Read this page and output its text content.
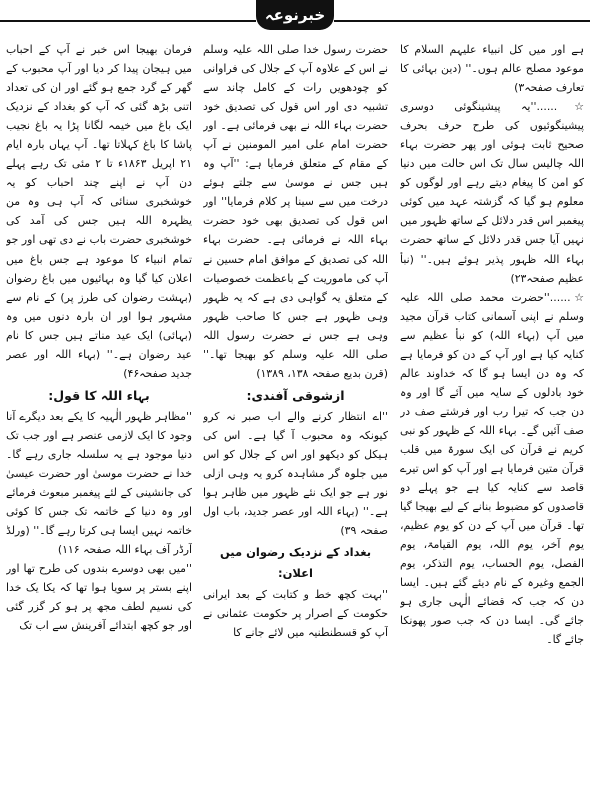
خبرنوعہ

ہے اور میں کل انبیاء علیہم السلام کا موعود مصلح عالم ہوں۔'' (دین بہائی کا تعارف صفحہ۳)

☆......''یہ پیشینگوئی دوسری پیشینگوئیوں کی طرح حرف بحرف صحیح ثابت ہوئی اور پھر حضرت بہاء اللہ چالیس سال تک اس حالت میں دنیا کو امن کا پیغام دیتے رہے اور لوگوں کو معلوم ہو گیا کہ گزشتہ عہد میں کوئی پیغمبر اس قدر دلائل کے ساتھ ظہور میں نہیں آیا جس قدر دلائل کے ساتھ حضرت بہاء اللہ ظہور پذیر ہوئے ہیں۔'' (نبأ عظیم صفحہ۲۳)

☆......''حضرت محمد صلی اللہ علیہ وسلم نے اپنی آسمانی کتاب قرآن مجید میں آپ (بہاء اللہ) کو نبأ عظیم سے کنایہ کیا ہے اور آپ کے دن کو فرمایا ہے کہ وہ دن ایسا ہو گا کہ خداوند عالم خود بادلوں کے سایہ میں آئے گا اور وہ دن جب کہ تیرا رب اور فرشتے صف در صف آئیں گے۔ بہاء اللہ کے ظہور کو نبی کریم نے قرآن کی ایک سورۃ میں قلب قرآن متین فرمایا ہے اور آپ کو اس تیرے قاصد سے کنایہ کیا ہے جو پہلے دو قاصدوں کو مضبوط بنانے کے لیے بھیجا گیا تھا۔ قرآن میں آپ کے دن کو یوم عظیم، یوم آخر، یوم اللہ، یوم القیامۃ، یوم الفصل، یوم الحساب، یوم التذکر، یوم الجمع وغیرہ کے نام دیئے گئے ہیں۔ ایسا دن کہ جب کہ قضائے الٰہی جاری ہو جائے گی۔ ایسا دن کہ جب صور پھونکا جائے گا۔

حضرت رسول خدا صلی اللہ علیہ وسلم نے اس کے علاوہ آپ کے جلال کی فراوانی کو چودھویں رات کے کامل چاند سے تشبیہ دی اور اس قول کی تصدیق خود حضرت بہاء اللہ نے بھی فرمائی ہے۔ اور حضرت امام علی امیر المومنین نے آپ کے مقام کے متعلق فرمایا ہے: ''آپ وہ ہیں جس نے موسیٰ سے جلتے ہوئے درخت میں سے سینا پر کلام فرمایا'' اور اس قول کی تصدیق بھی خود حضرت بہاء اللہ نے فرمائی ہے۔ حضرت بہاء اللہ کی تصدیق کے موافق امام حسین نے آپ کی ماموریت کے باعظمت خصوصیات کے متعلق یہ گواہی دی ہے کہ یہ ظہور وہی ظہور ہے جس کا صاحب ظہور وہی ہے جس نے حضرت رسول اللہ صلی اللہ علیہ وسلم کو بھیجا تھا۔'' (قرن بدیع صفحہ ۱۳۸، ۱۳۸۹)

ازشوقی آفندی:

''اے انتظار کرنے والے اب صبر نہ کرو کیونکہ وہ محبوب آ گیا ہے۔ اس کی ہیکل کو دیکھو اور اس کے جلال کو اس میں جلوہ گر مشاہدہ کرو یہ وہی ازلی نور ہے جو ایک نئے ظہور میں ظاہر ہوا ہے۔'' (بہاء اللہ اور عصر جدید، باب اول صفحہ ۳۹)

بغداد کے نزدیک رضوان میں اعلان:

''بہت کچھ خط و کتابت کے بعد ایرانی حکومت کے اصرار پر حکومت عثمانی نے آپ کو قسطنطنیہ میں لائے جانے کا

فرمان بھیجا اس خبر نے آپ کے احباب میں ہیجان پیدا کر دیا اور آپ محبوب کے گھر کے گرد جمع ہو گئے اور ان کی تعداد اتنی بڑھ گئی کہ آپ کو بغداد کے نزدیک ایک باغ میں خیمہ لگانا پڑا یہ باغ نجیب پاشا کا باغ کہلاتا تھا۔ آپ یہاں بارہ ایام ۲۱ اپریل ۱۸۶۳ء تا ۲ مئی تک رہے پہلے دن آپ نے اپنے چند احباب کو یہ خوشخبری سنائی کہ آپ ہی وہ من یظہرہ اللہ ہیں جس کی آمد کی خوشخبری حضرت باب نے دی تھی اور جو تمام انبیاء کا موعود ہے جس باغ میں اعلان کیا گیا وہ بہائیوں میں باغ رضوان (بہشت رضوان کی طرز پر) کے نام سے مشہور ہوا اور ان بارہ دنوں میں وہ (بہائی) ایک عید مناتے ہیں جس کا نام عید رضوان ہے۔'' (بہاء اللہ اور عصر جدید صفحہ۴۶)

بہاء اللہ کا قول:

''مظاہر ظہور الٰہیہ کا یکے بعد دیگرے آنا وجود کا ایک لازمی عنصر ہے اور جب تک دنیا موجود ہے یہ سلسلہ جاری رہے گا۔ خدا نے حضرت موسیٰ اور حضرت عیسیٰ کی جانشینی کے لئے پیغمبر مبعوث فرمائے اور وہ دنیا کے خاتمہ تک جس کا کوئی خاتمہ نہیں ایسا ہی کرتا رہے گا۔'' (ورلڈ آرڈر آف بہاء اللہ صفحہ ۱۱۶)

''میں بھی دوسرے بندوں کی طرح تھا اور اپنے بستر پر سویا ہوا تھا کہ یکا یک خدا کی نسیم لطف مجھ پر ہو کر گزر گئی اور جو کچھ ابتدائے آفرینش سے اب تک
